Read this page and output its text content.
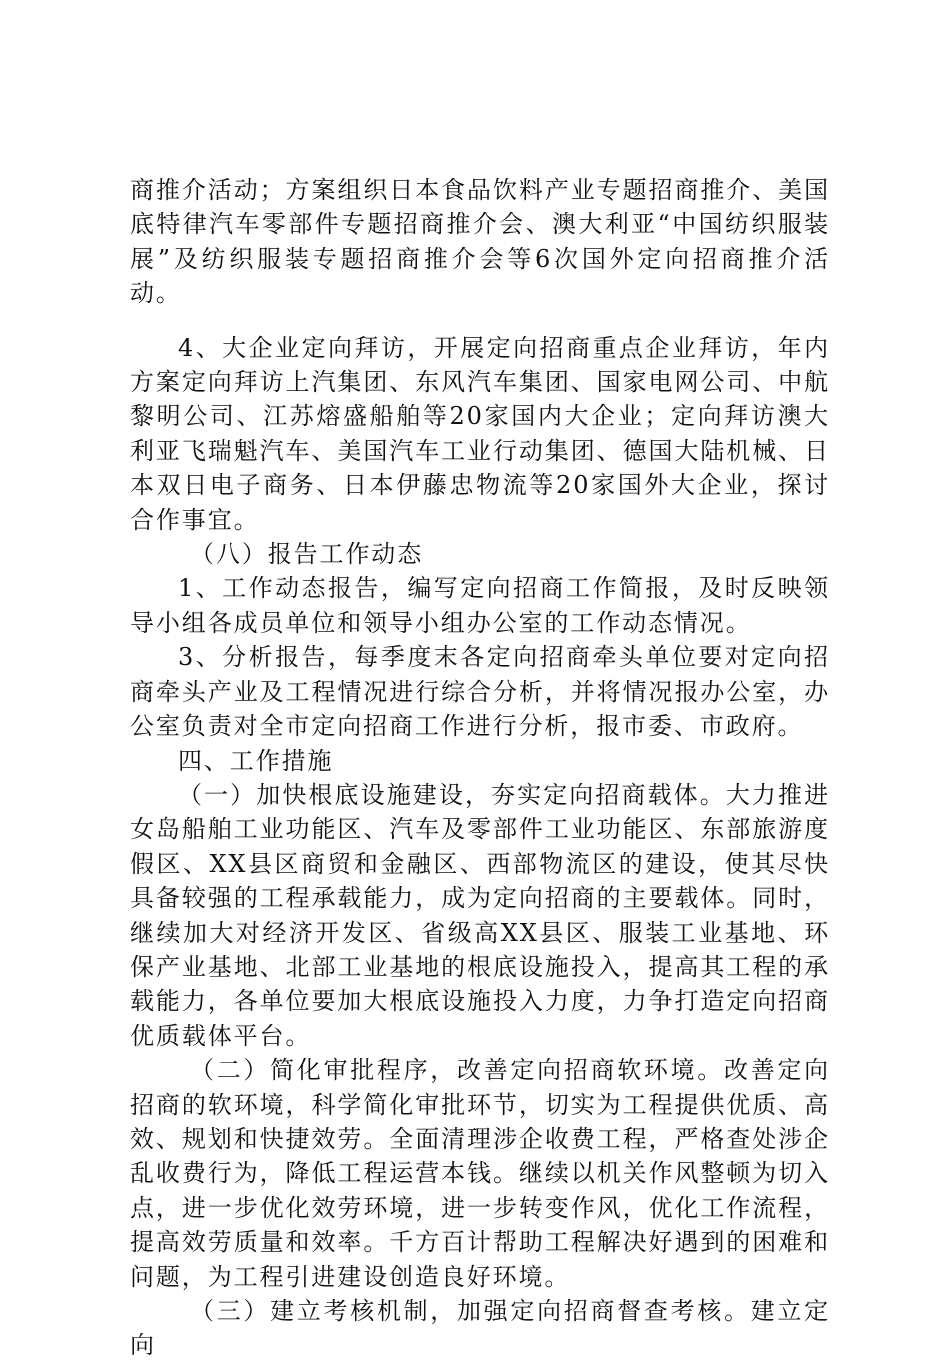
商推介活动；方案组织日本食品饮料产业专题招商推介、美国底特律汽车零部件专题招商推介会、澳大利亚“中国纺织服装展”及纺织服装专题招商推介会等6次国外定向招商推介活动。

4、大企业定向拜访，开展定向招商重点企业拜访，年内方案定向拜访上汽集团、东风汽车集团、国家电网公司、中航黎明公司、江苏熔盛船舶等20家国内大企业；定向拜访澳大利亚飞瑞魁汽车、美国汽车工业行动集团、德国大陆机械、日本双日电子商务、日本伊藤忠物流等20家国外大企业，探讨合作事宜。

（八）报告工作动态

1、工作动态报告，编写定向招商工作简报，及时反映领导小组各成员单位和领导小组办公室的工作动态情况。

3、分析报告，每季度末各定向招商牵头单位要对定向招商牵头产业及工程情况进行综合分析，并将情况报办公室，办公室负责对全市定向招商工作进行分析，报市委、市政府。

四、工作措施

（一）加快根底设施建设，夯实定向招商载体。大力推进女岛船舶工业功能区、汽车及零部件工业功能区、东部旅游度假区、XX县区商贸和金融区、西部物流区的建设，使其尽快具备较强的工程承载能力，成为定向招商的主要载体。同时，继续加大对经济开发区、省级高XX县区、服装工业基地、环保产业基地、北部工业基地的根底设施投入，提高其工程的承载能力，各单位要加大根底设施投入力度，力争打造定向招商优质载体平台。

（二）简化审批程序，改善定向招商软环境。改善定向招商的软环境，科学简化审批环节，切实为工程提供优质、高效、规划和快捷效劳。全面清理涉企收费工程，严格查处涉企乱收费行为，降低工程运营本钱。继续以机关作风整顿为切入点，进一步优化效劳环境，进一步转变作风，优化工作流程，提高效劳质量和效率。千方百计帮助工程解决好遇到的困难和问题，为工程引进建设创造良好环境。

（三）建立考核机制，加强定向招商督查考核。建立定向
